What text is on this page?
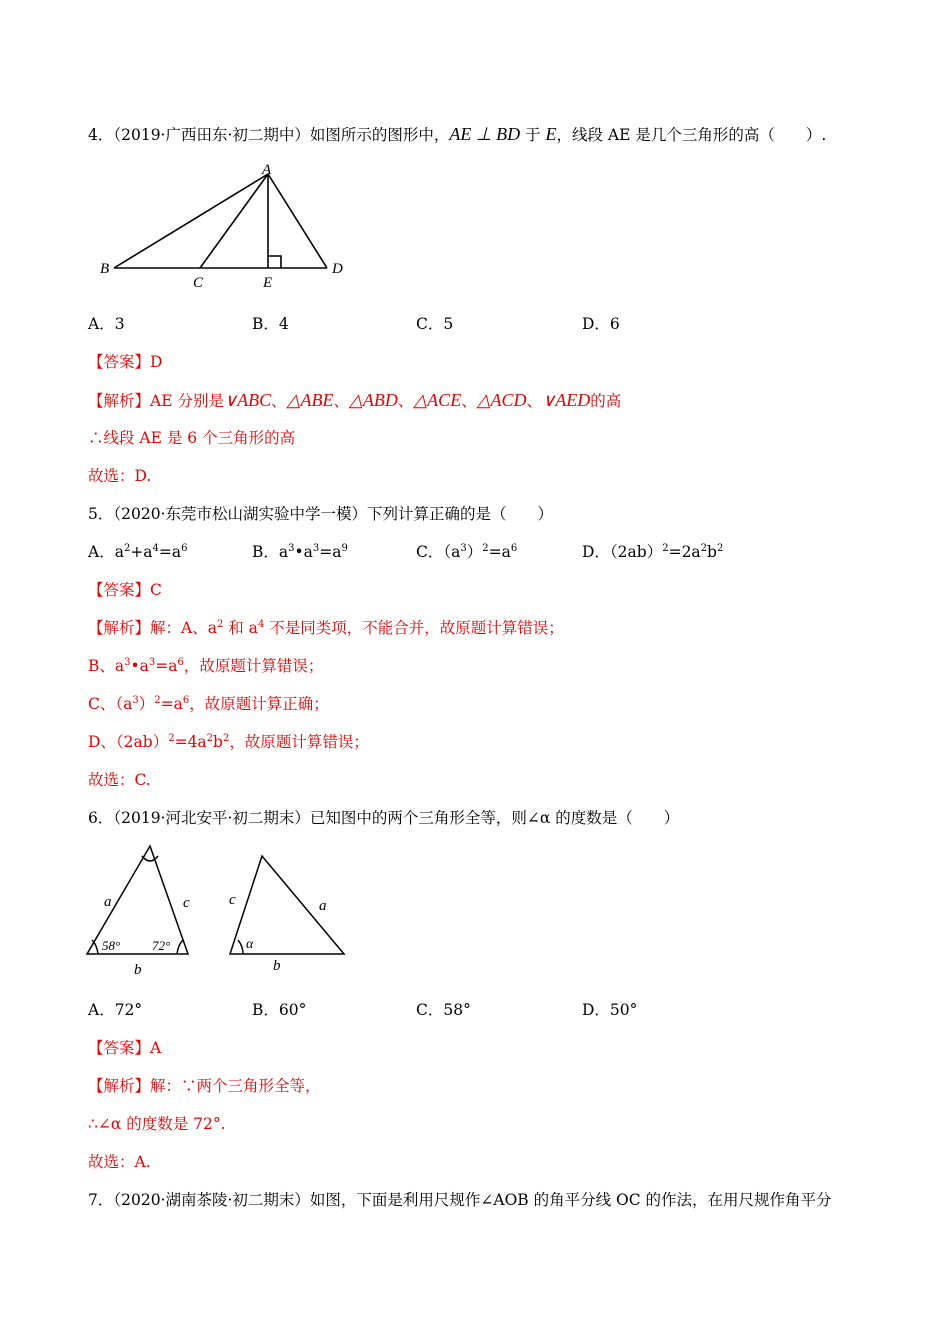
4．（2019·广西田东·初二期中）如图所示的图形中，AE ⊥ BD 于 E，线段 AE 是几个三角形的高（　　）.
A
B
C	E
D
A．3	B．4	C．5	D．6
【答案】D
【解析】AE 分别是∨ABC、△ABE、△ABD、△ACE、△ACD、∨AED的高
∴线段 AE 是 6 个三角形的高
故选：D.
5．（2020·东莞市松山湖实验中学一模）下列计算正确的是（　　）
A．$a^2+a^4=a^6$	B．$a^3•a^3=a^9$	C．$(a^3)^2=a^6$	D．$(2ab)^2=2a^2b^2$
【答案】C
【解析】解：A、$a^2$ 和 $a^4$ 不是同类项，不能合并，故原题计算错误；
B、$a^3•a^3=a^6$，故原题计算错误；
C、$(a^3)^2=a^6$，故原题计算正确；
D、$(2ab)^2=4a^2b^2$，故原题计算错误；
故选：C.
6．（2019·河北安平·初二期末）已知图中的两个三角形全等，则∠α 的度数是（　　）
a	c
58° 72°
b
c	a
α
b
A．72°	B．60°	C．58°	D．50°
【答案】A
【解析】解：∵两个三角形全等，
∴∠α 的度数是 72°.
故选：A.
7．（2020·湖南茶陵·初二期末）如图，下面是利用尺规作∠AOB 的角平分线 OC 的作法，在用尺规作角平分
